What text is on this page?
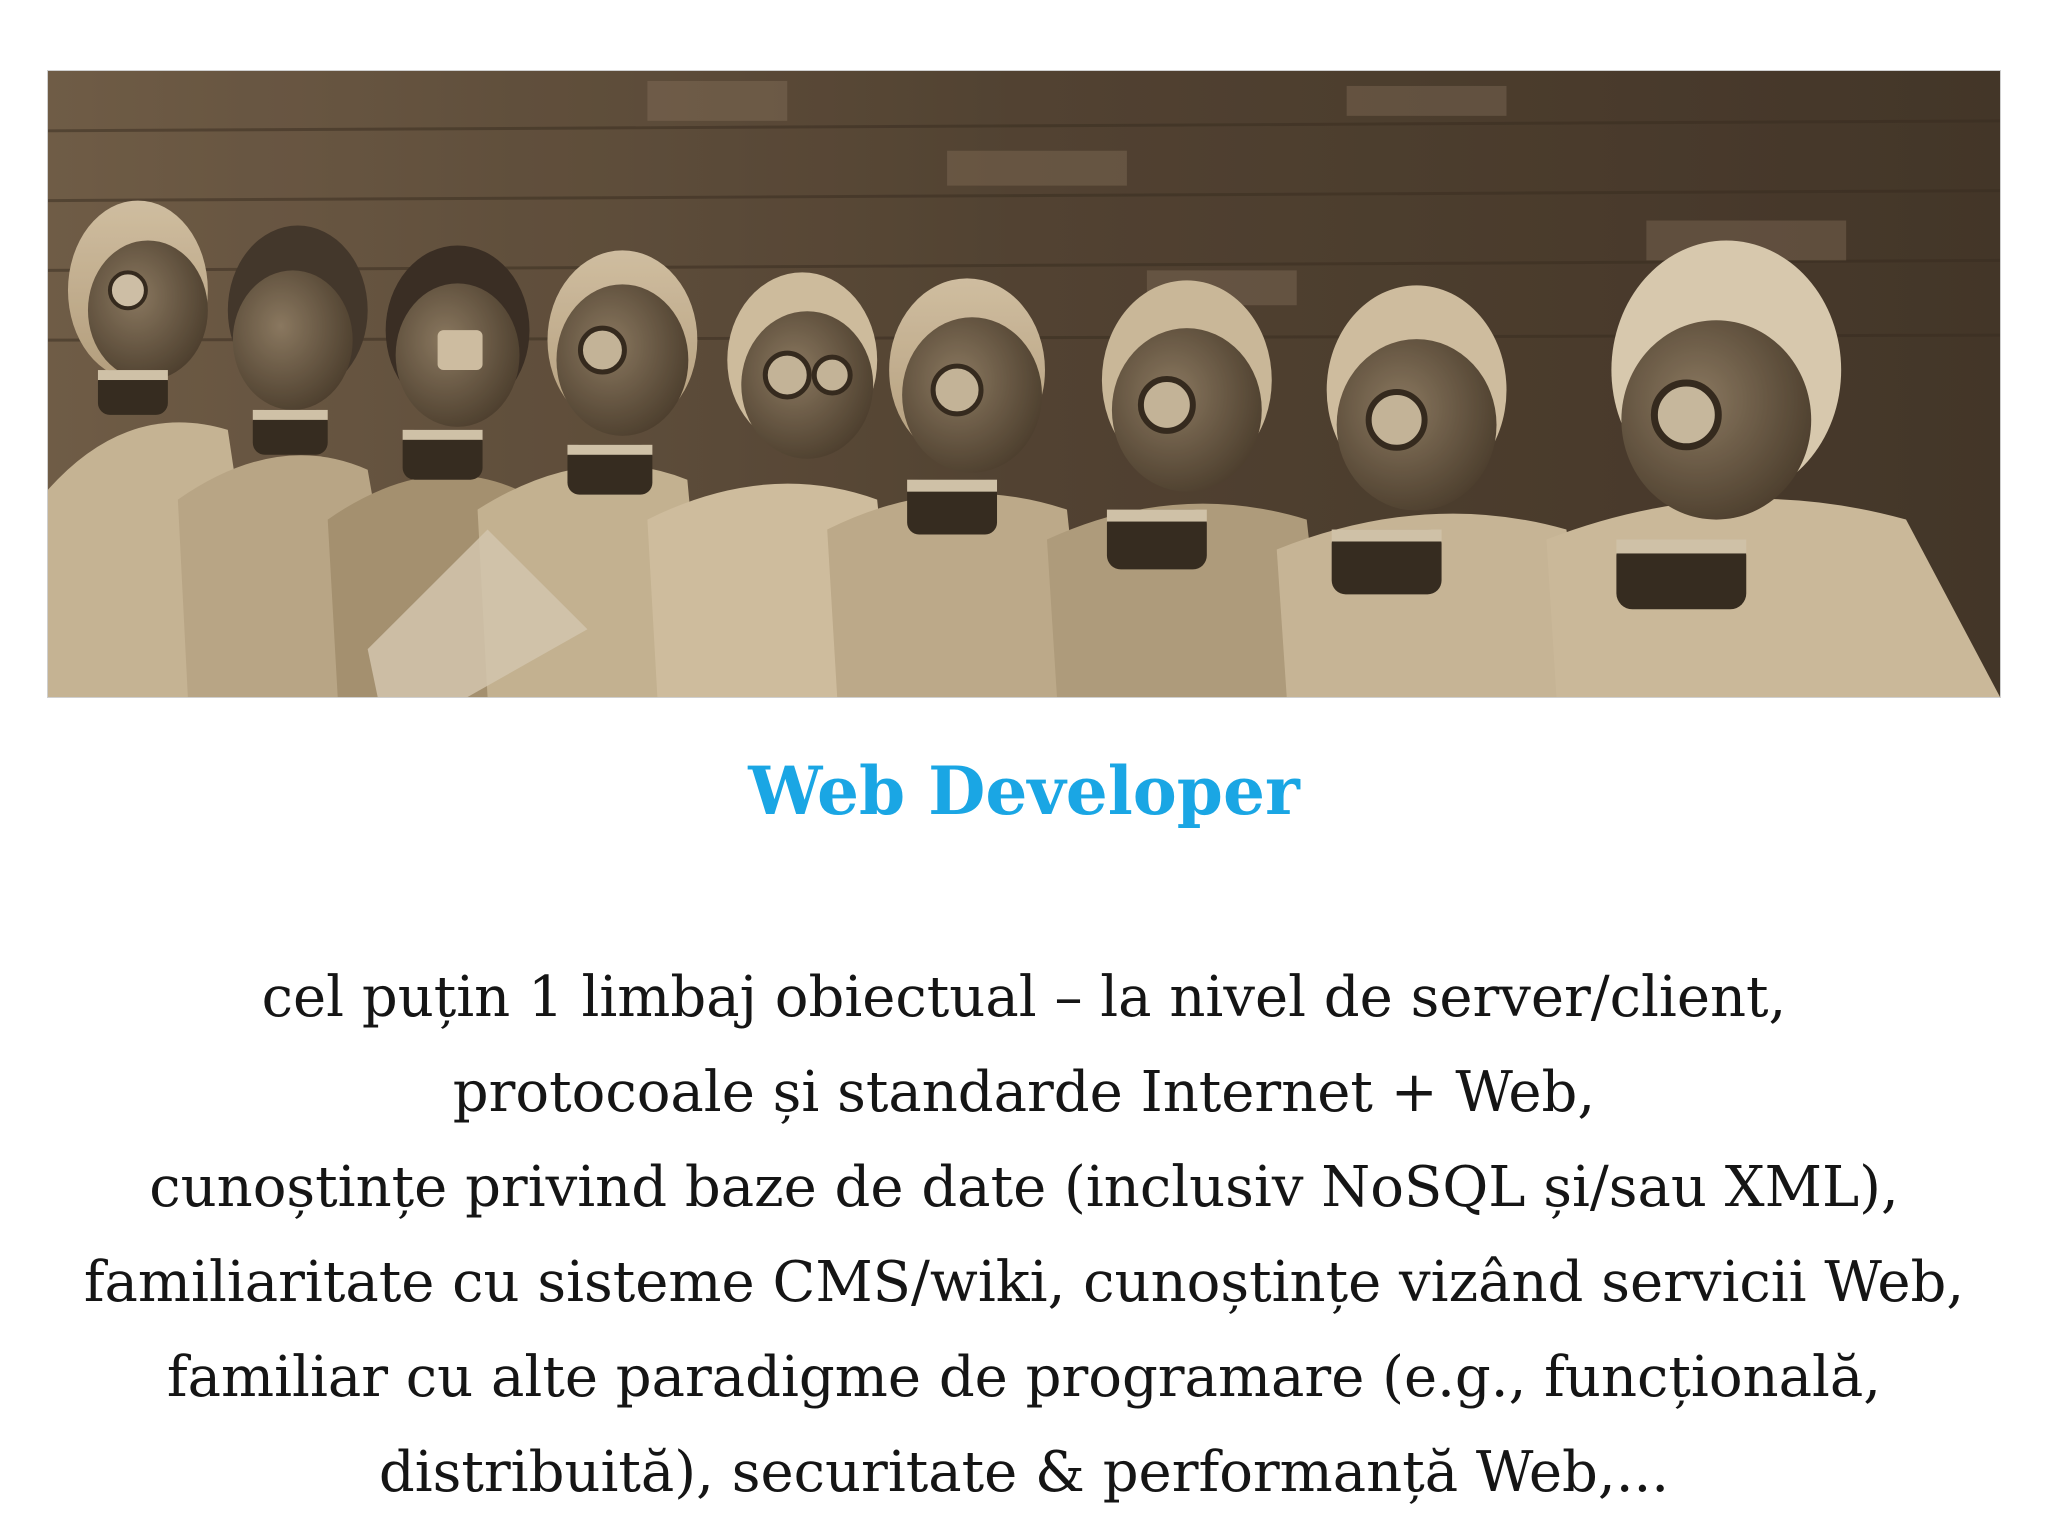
Web Developer
cel puțin 1 limbaj obiectual – la nivel de server/client,
protocoale și standarde Internet + Web,
cunoștințe privind baze de date (inclusiv NoSQL și/sau XML),
familiaritate cu sisteme CMS/wiki, cunoștințe vizând servicii Web,
familiar cu alte paradigme de programare (e.g., funcțională,
distribuită), securitate & performanță Web,...
